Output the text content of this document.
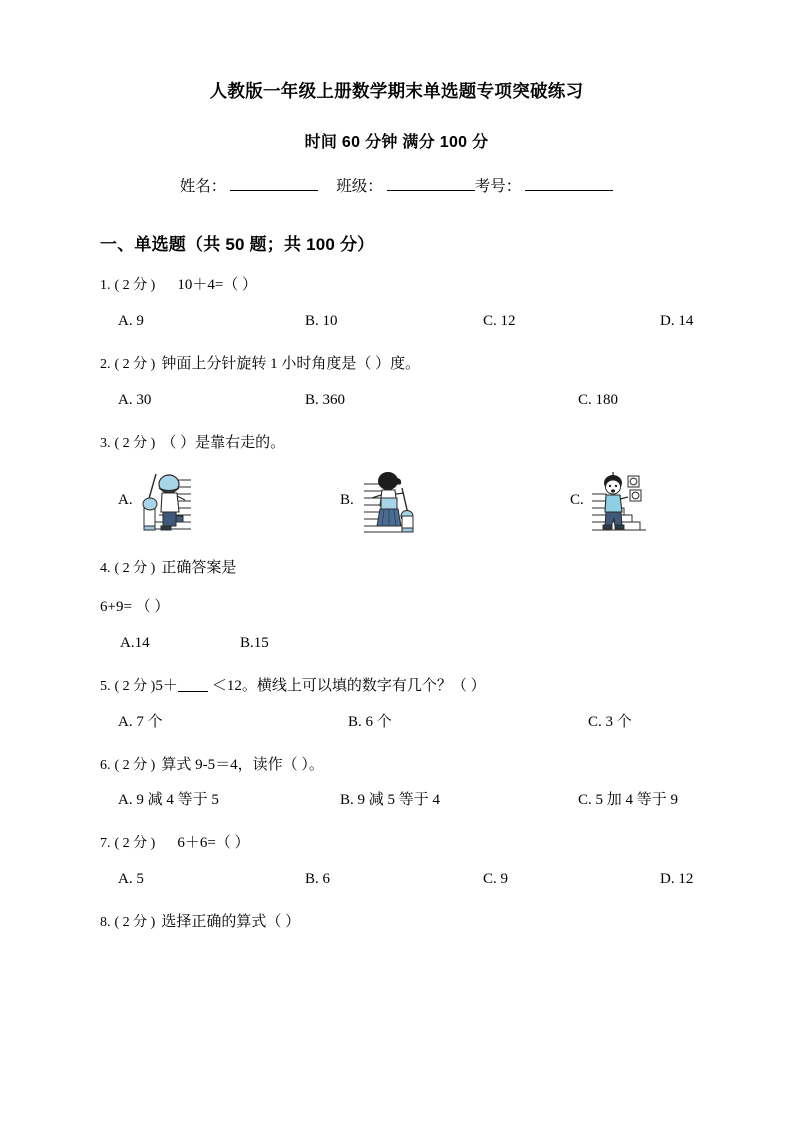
人教版一年级上册数学期末单选题专项突破练习
时间 60 分钟 满分 100 分
姓名：	班级：	考号：
一、单选题（共 50 题；共 100 分）
1. ( 2 分 ) 10＋4=（ ）
A. 9	B. 10	C. 12	D. 14
2. ( 2 分 ) 钟面上分针旋转 1 小时角度是（ ）度。
A. 30	B. 360	C. 180
3. ( 2 分 ) （ ）是靠右走的。
A.	B.	C.
4. ( 2 分 ) 正确答案是
6+9= （ ）
A.14	B.15
5. ( 2 分 )5＋ ＜12。横线上可以填的数字有几个？（ ）
A. 7 个	B. 6 个	C. 3 个
6. ( 2 分 ) 算式 9-5＝4，读作（ ）。
A. 9 减 4 等于 5	B. 9 减 5 等于 4	C. 5 加 4 等于 9
7. ( 2 分 ) 6＋6=（ ）
A. 5	B. 6	C. 9	D. 12
8. ( 2 分 ) 选择正确的算式（ ）
